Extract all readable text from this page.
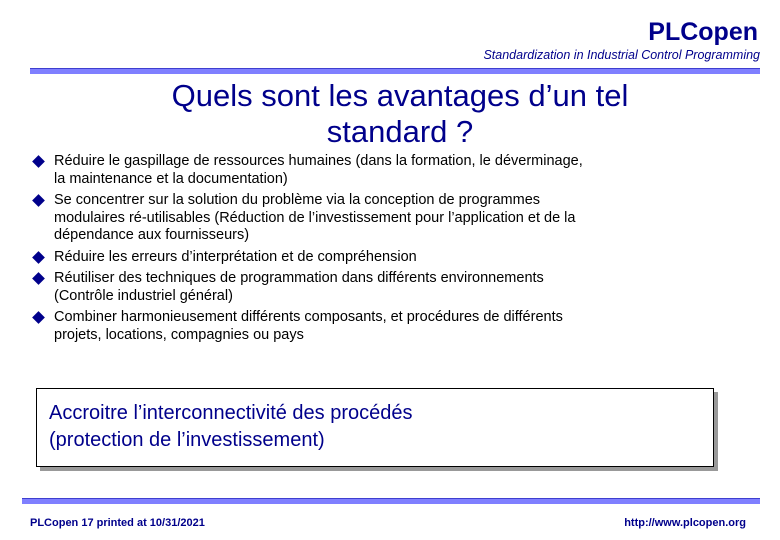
PLCopen
Standardization in Industrial Control Programming
Quels sont les avantages d’un tel
standard ?
Réduire le gaspillage de ressources humaines (dans la formation, le déverminage, la maintenance et la documentation)
Se concentrer sur la solution du problème via la conception de programmes modulaires ré-utilisables (Réduction de l’investissement pour l’application et de la dépendance aux fournisseurs)
Réduire les erreurs d’interprétation et de compréhension
Réutiliser des techniques de programmation dans différents environnements (Contrôle industriel général)
Combiner harmonieusement différents composants, et procédures de différents projets, locations, compagnies ou pays
Accroitre l’interconnectivité des procédés
(protection de l’investissement)
PLCopen 17 printed at 10/31/2021	http://www.plcopen.org
